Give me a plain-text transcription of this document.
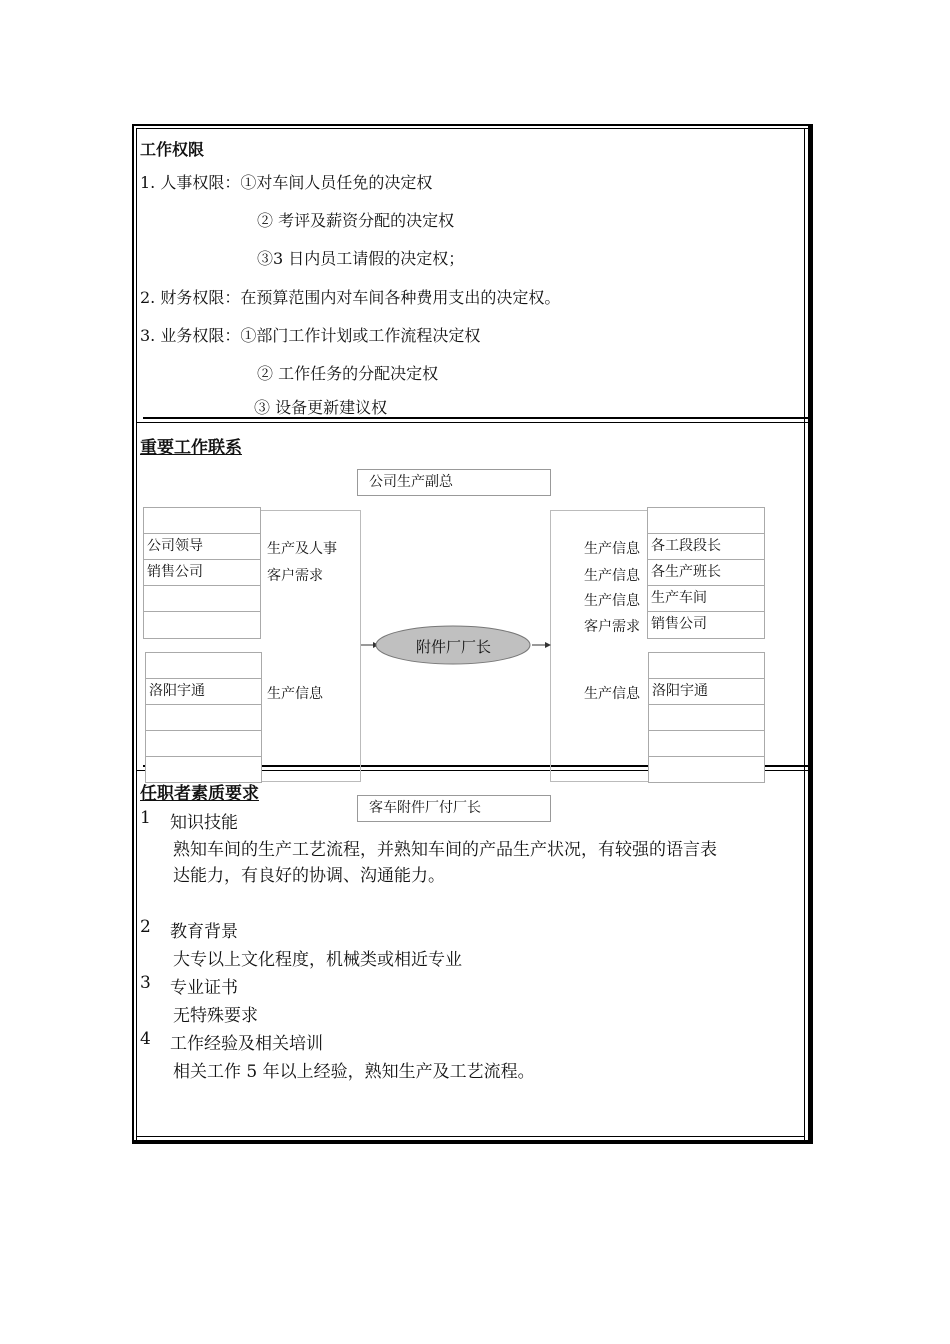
工作权限
1. 人事权限：①对车间人员任免的决定权
② 考评及薪资分配的决定权
③3 日内员工请假的决定权；
2. 财务权限：在预算范围内对车间各种费用支出的决定权。
3. 业务权限：①部门工作计划或工作流程决定权
② 工作任务的分配决定权
③ 设备更新建议权
重要工作联系
公司生产副总
公司领导
销售公司
生产及人事
客户需求
洛阳宇通	生产信息
附件厂厂长
生产信息
生产信息
生产信息
客户需求
各工段段长
各生产班长
生产车间
销售公司
生产信息 洛阳宇通
客车附件厂付厂长
任职者素质要求
1 知识技能
熟知车间的生产工艺流程，并熟知车间的产品生产状况，有较强的语言表
达能力，有良好的协调、沟通能力。
2 教育背景
大专以上文化程度，机械类或相近专业
3 专业证书
无特殊要求
4 工作经验及相关培训
相关工作 5 年以上经验，熟知生产及工艺流程。
